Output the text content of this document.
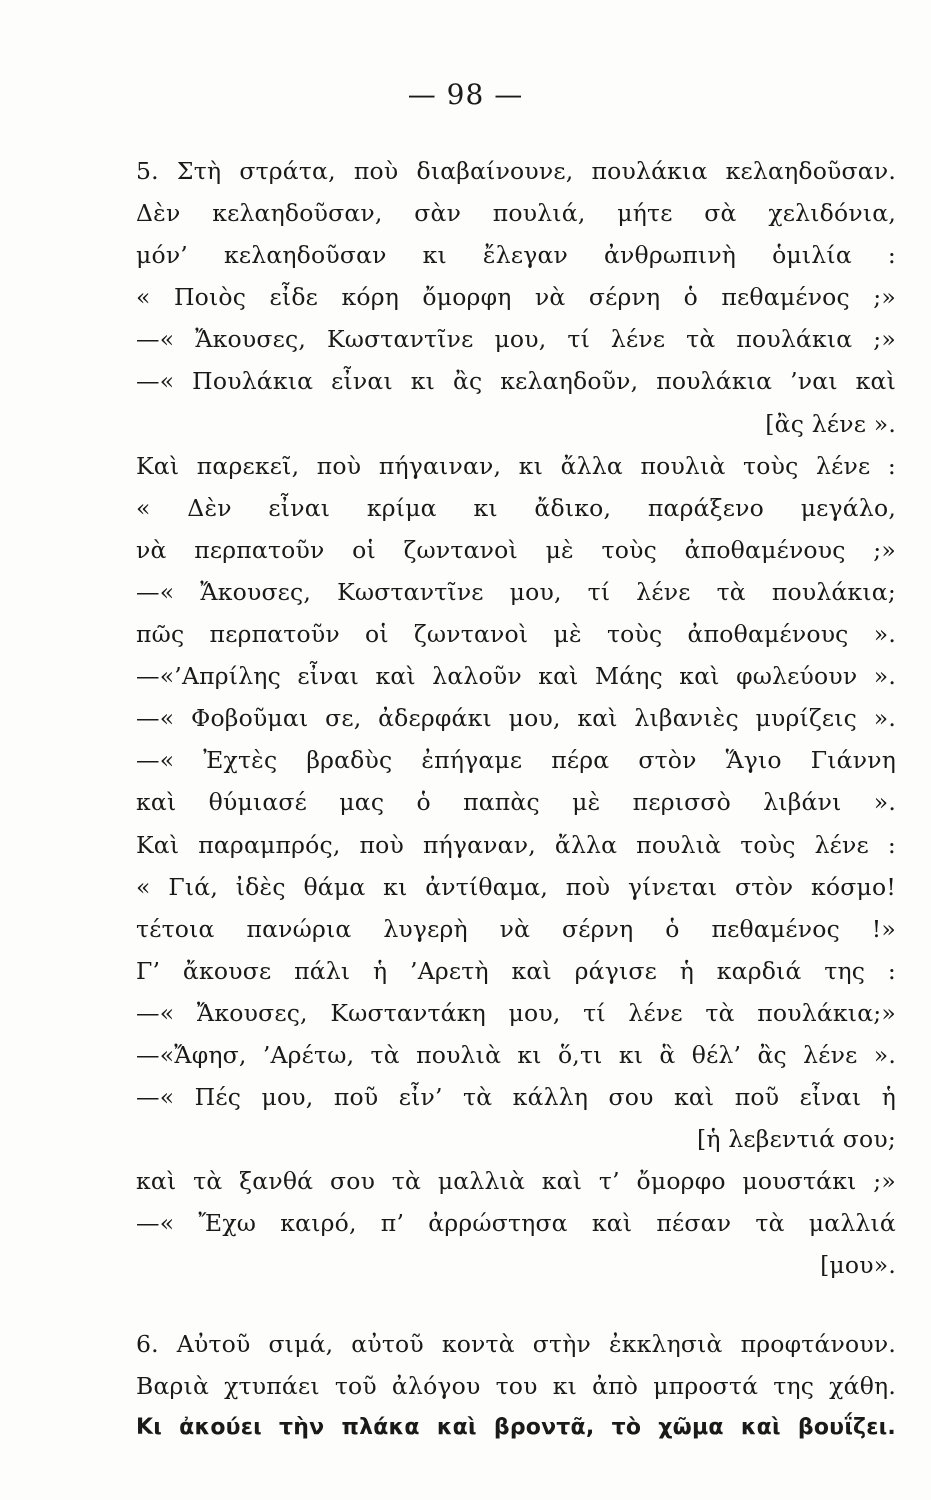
— 98 —
5. Στὴ στράτα, ποὺ διαβαίνουνε, πουλάκια κελαηδοῦσαν.
Δὲν κελαηδοῦσαν, σὰν πουλιά, μήτε σὰ χελιδόνια,
μόν’ κελαηδοῦσαν κι ἔλεγαν ἀνθρωπινὴ ὁμιλία :
« Ποιὸς εἶδε κόρη ὄμορφη νὰ σέρνη ὁ πεθαμένος ;»
—« Ἄκουσες, Κωσταντῖνε μου, τί λένε τὰ πουλάκια ;»
—« Πουλάκια εἶναι κι ἂς κελαηδοῦν, πουλάκια ’ναι καὶ
[ἂς λένε ».
Καὶ παρεκεῖ, ποὺ πήγαιναν, κι ἄλλα πουλιὰ τοὺς λένε :
« Δὲν εἶναι κρίμα κι ἄδικο, παράξενο μεγάλο,
νὰ περπατοῦν οἱ ζωντανοὶ μὲ τοὺς ἀποθαμένους ;»
—« Ἄκουσες, Κωσταντῖνε μου, τί λένε τὰ πουλάκια;
πῶς περπατοῦν οἱ ζωντανοὶ μὲ τοὺς ἀποθαμένους ».
—«’Απρίλης εἶναι καὶ λαλοῦν καὶ Μάης καὶ φωλεύουν ».
—« Φοβοῦμαι σε, ἀδερφάκι μου, καὶ λιβανιὲς μυρίζεις ».
—« Ἐχτὲς βραδὺς ἐπήγαμε πέρα στὸν Ἅγιο Γιάννη
καὶ θύμιασέ μας ὁ παπὰς μὲ περισσὸ λιβάνι ».
Καὶ παραμπρός, ποὺ πήγαναν, ἄλλα πουλιὰ τοὺς λένε :
« Γιά, ἰδὲς θάμα κι ἀντίθαμα, ποὺ γίνεται στὸν κόσμο!
τέτοια πανώρια λυγερὴ νὰ σέρνη ὁ πεθαμένος !»
Γ’ ἄκουσε πάλι ἡ ’Αρετὴ καὶ ράγισε ἡ καρδιά της :
—« Ἄκουσες, Κωσταντάκη μου, τί λένε τὰ πουλάκια;»
—«Ἄφησ, ’Αρέτω, τὰ πουλιὰ κι ὅ,τι κι ἃ θέλ’ ἂς λένε ».
—« Πές μου, ποῦ εἶν’ τὰ κάλλη σου καὶ ποῦ εἶναι ἡ
[ἡ λεβεντιά σου;
καὶ τὰ ξανθά σου τὰ μαλλιὰ καὶ τ’ ὄμορφο μουστάκι ;»
—« Ἔχω καιρό, π’ ἀρρώστησα καὶ πέσαν τὰ μαλλιά
[μου».
6. Αὐτοῦ σιμά, αὐτοῦ κοντὰ στὴν ἐκκλησιὰ προφτάνουν.
Βαριὰ χτυπάει τοῦ ἀλόγου του κι ἀπὸ μπροστά της χάθη.
Κι ἀκούει τὴν πλάκα καὶ βροντᾶ, τὸ χῶμα καὶ βουΐζει.
